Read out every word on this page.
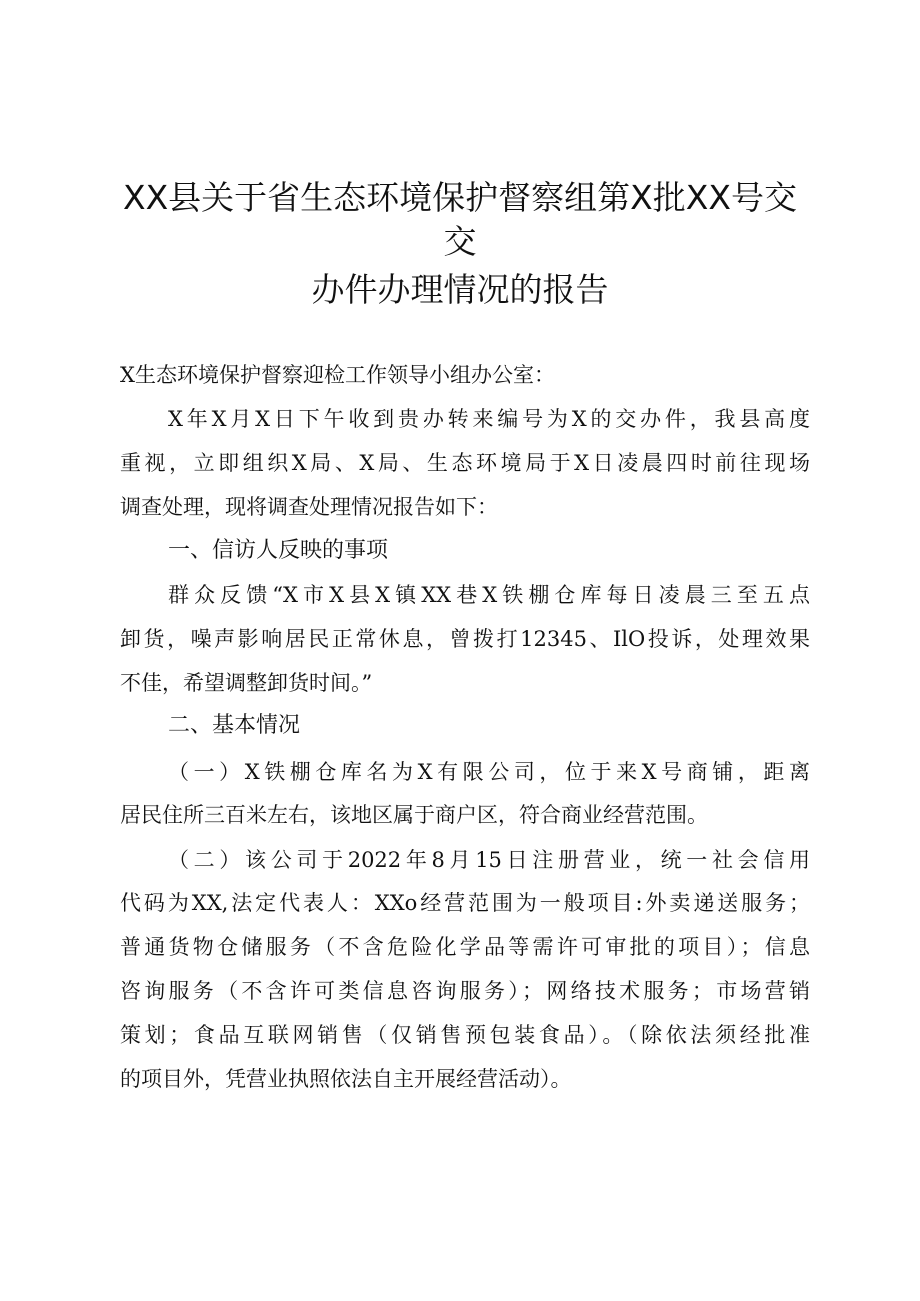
XX县关于省生态环境保护督察组第X批XX号交
交
办件办理情况的报告

X生态环境保护督察迎检工作领导小组办公室：

X年X月X日下午收到贵办转来编号为X的交办件，我县高度

重视，立即组织X局、X局、生态环境局于X日凌晨四时前往现场

调查处理，现将调查处理情况报告如下：

一、信访人反映的事项

群众反馈“X市X县X镇XX巷X铁棚仓库每日凌晨三至五点

卸货，噪声影响居民正常休息，曾拨打12345、IlO投诉，处理效果

不佳，希望调整卸货时间。”

二、基本情况

（一）X铁棚仓库名为X有限公司，位于来X号商铺，距离

居民住所三百米左右，该地区属于商户区，符合商业经营范围。

（二）该公司于2022年8月15日注册营业，统一社会信用

代码为XX,法定代表人：XXo经营范围为一般项目:外卖递送服务；

普通货物仓储服务（不含危险化学品等需许可审批的项目）；信息

咨询服务（不含许可类信息咨询服务）；网络技术服务；市场营销

策划；食品互联网销售（仅销售预包装食品）。（除依法须经批准

的项目外，凭营业执照依法自主开展经营活动）。
